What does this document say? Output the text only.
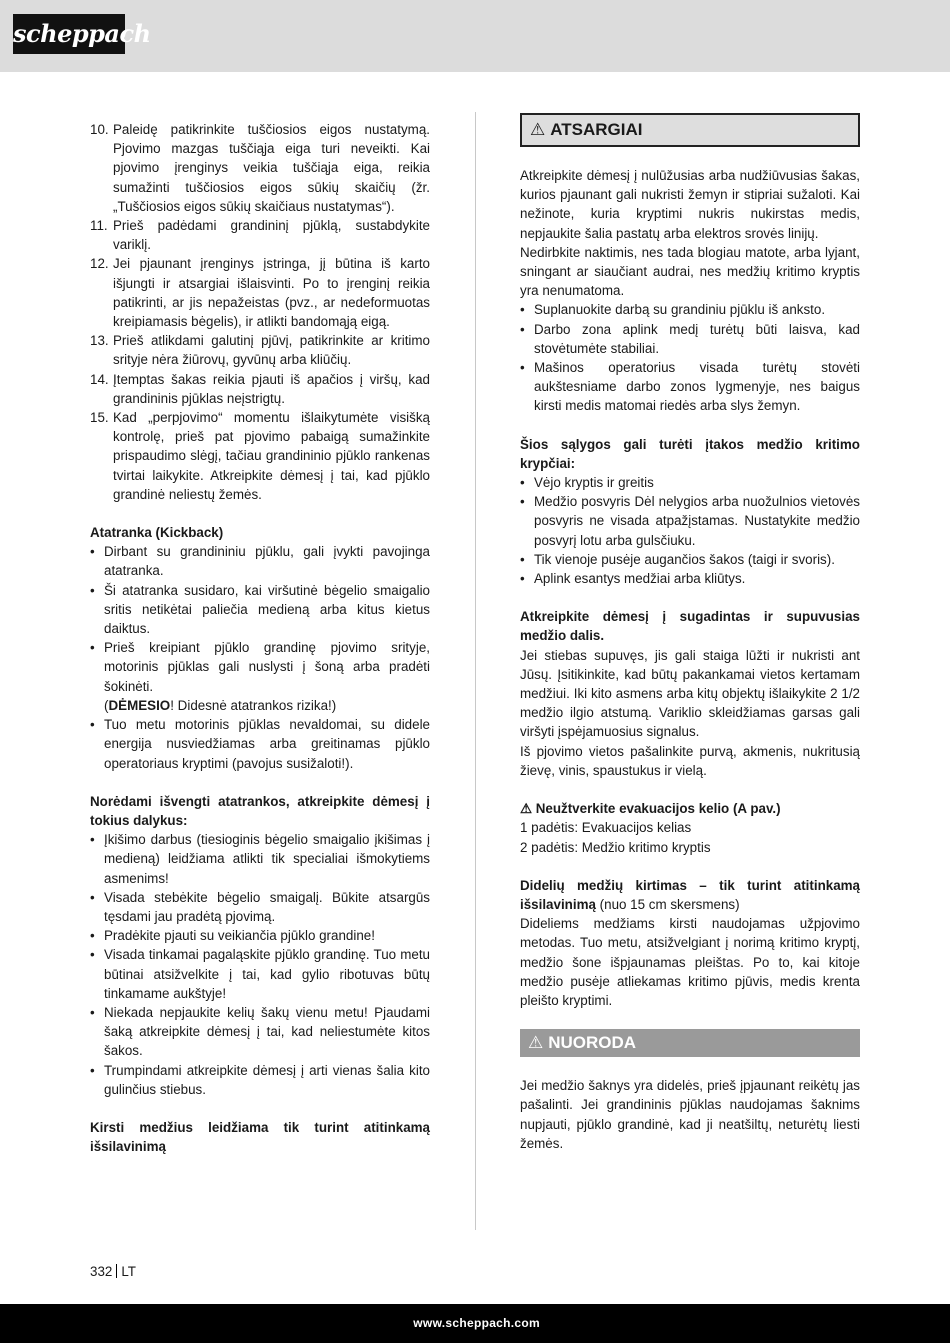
scheppach
10. Paleidę patikrinkite tuščiosios eigos nustatymą. Pjovimo mazgas tuščiąja eiga turi neveikti. Kai pjovimo įrenginys veikia tuščiąja eiga, reikia sumažinti tuščiosios eigos sūkių skaičių (žr. „Tuščiosios eigos sūkių skaičiaus nustatymas“).
11. Prieš padėdami grandininį pjūklą, sustabdykite variklį.
12. Jei pjaunant įrenginys įstringa, jį būtina iš karto išjungti ir atsargiai išlaisvinti. Po to įrenginį reikia patikrinti, ar jis nepažeistas (pvz., ar nedeformuotas kreipiamasis bėgelis), ir atlikti bandomąją eigą.
13. Prieš atlikdami galutinį pjūvį, patikrinkite ar kritimo srityje nėra žiūrovų, gyvūnų arba kliūčių.
14. Įtemptas šakas reikia pjauti iš apačios į viršų, kad grandininis pjūklas neįstrigtų.
15. Kad „perpjovimo“ momentu išlaikytumėte visišką kontrolę, prieš pat pjovimo pabaigą sumažinkite prispaudimo slėgį, tačiau grandininio pjūklo rankenas tvirtai laikykite. Atkreipkite dėmesį į tai, kad pjūklo grandinė neliestų žemės.

Atatranka (Kickback)

• Dirbant su grandininiu pjūklu, gali įvykti pavojinga atatranka.
• Ši atatranka susidaro, kai viršutinė bėgelio smaigalio sritis netikėtai paliečia medieną arba kitus kietus daiktus.
• Prieš kreipiant pjūklo grandinę pjovimo srityje, motorinis pjūklas gali nuslysti į šoną arba pradėti šokinėti.
(DĖMESIO! Didesnė atatrankos rizika!)
• Tuo metu motorinis pjūklas nevaldomai, su didele energija nusviedžiamas arba greitinamas pjūklo operatoriaus kryptimi (pavojus susižaloti!).

Norėdami išvengti atatrankos, atkreipkite dėmesį į tokius dalykus:

• Įkišimo darbus (tiesioginis bėgelio smaigalio įkišimas į medieną) leidžiama atlikti tik specialiai išmokytiems asmenims!
• Visada stebėkite bėgelio smaigalį. Būkite atsargūs tęsdami jau pradėtą pjovimą.
• Pradėkite pjauti su veikiančia pjūklo grandine!
• Visada tinkamai pagaląskite pjūklo grandinę. Tuo metu būtinai atsižvelkite į tai, kad gylio ribotuvas būtų tinkamame aukštyje!
• Niekada nepjaukite kelių šakų vienu metu! Pjaudami šaką atkreipkite dėmesį į tai, kad neliestumėte kitos šakos.
• Trumpindami atkreipkite dėmesį į arti vienas šalia kito gulinčius stiebus.

Kirsti medžius leidžiama tik turint atitinkamą išsilavinimą

⚠ ATSARGIAI

Atkreipkite dėmesį į nulūžusias arba nudžiūvusias šakas, kurios pjaunant gali nukristi žemyn ir stipriai sužaloti. Kai nežinote, kuria kryptimi nukris nukirstas medis, nepjaukite šalia pastatų arba elektros srovės linijų.

Nedirbkite naktimis, nes tada blogiau matote, arba lyjant, sningant ar siaučiant audrai, nes medžių kritimo kryptis yra nenumatoma.

• Suplanuokite darbą su grandiniu pjūklu iš anksto.
• Darbo zona aplink medį turėtų būti laisva, kad stovėtumėte stabiliai.
• Mašinos operatorius visada turėtų stovėti aukštesniame darbo zonos lygmenyje, nes baigus kirsti medis matomai riedės arba slys žemyn.

Šios sąlygos gali turėti įtakos medžio kritimo krypčiai:

• Vėjo kryptis ir greitis
• Medžio posvyris Dėl nelygios arba nuožulnios vietovės posvyris ne visada atpažįstamas. Nustatykite medžio posvyrį lotu arba gulsčiuku.
• Tik vienoje pusėje augančios šakos (taigi ir svoris).
• Aplink esantys medžiai arba kliūtys.

Atkreipkite dėmesį į sugadintas ir supuvusias medžio dalis.

Jei stiebas supuvęs, jis gali staiga lūžti ir nukristi ant Jūsų. Įsitikinkite, kad būtų pakankamai vietos kertamam medžiui. Iki kito asmens arba kitų objektų išlaikykite 2 1/2 medžio ilgio atstumą. Variklio skleidžiamas garsas gali viršyti įspėjamuosius signalus.

Iš pjovimo vietos pašalinkite purvą, akmenis, nukritusią žievę, vinis, spaustukus ir vielą.

⚠ Neužtverkite evakuacijos kelio (A pav.)

1 padėtis: Evakuacijos kelias

2 padėtis: Medžio kritimo kryptis

Didelių medžių kirtimas – tik turint atitinkamą išsilavinimą (nuo 15 cm skersmens)

Dideliems medžiams kirsti naudojamas užpjovimo metodas. Tuo metu, atsižvelgiant į norimą kritimo kryptį, medžio šone išpjaunamas pleištas. Po to, kai kitoje medžio pusėje atliekamas kritimo pjūvis, medis krenta pleišto kryptimi.

⚠ NUORODA

Jei medžio šaknys yra didelės, prieš įpjaunant reikėtų jas pašalinti. Jei grandininis pjūklas naudojamas šaknims nupjauti, pjūklo grandinė, kad ji neatšiltų, neturėtų liesti žemės.

332 LT
www.scheppach.com
